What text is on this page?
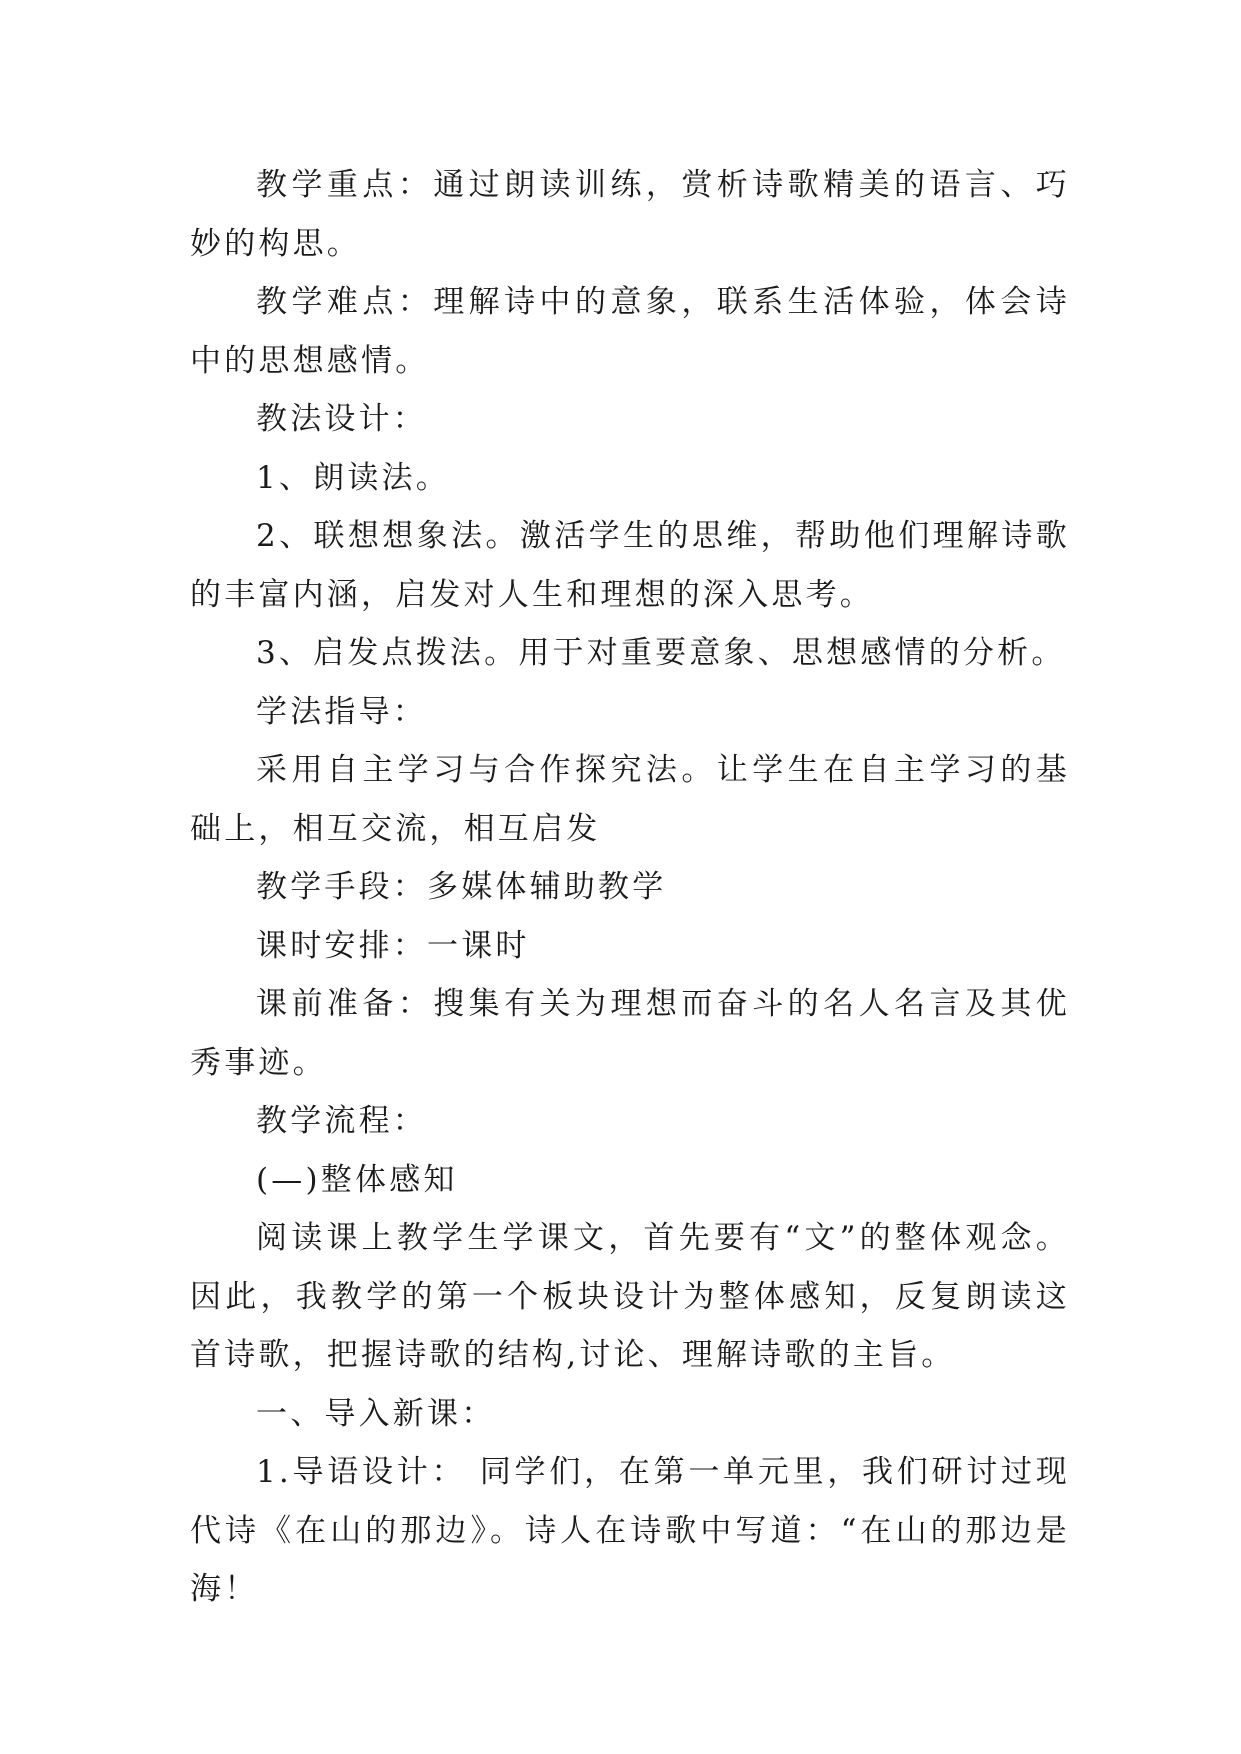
教学重点：通过朗读训练，赏析诗歌精美的语言、巧妙的构思。

教学难点：理解诗中的意象，联系生活体验，体会诗中的思想感情。

教法设计：

1、朗读法。

2、联想想象法。激活学生的思维，帮助他们理解诗歌的丰富内涵，启发对人生和理想的深入思考。

3、启发点拨法。用于对重要意象、思想感情的分析。

学法指导：

采用自主学习与合作探究法。让学生在自主学习的基础上，相互交流，相互启发

教学手段：多媒体辅助教学

课时安排：一课时

课前准备：搜集有关为理想而奋斗的名人名言及其优秀事迹。

教学流程：

(—)整体感知

阅读课上教学生学课文，首先要有“文”的整体观念。因此，我教学的第一个板块设计为整体感知，反复朗读这首诗歌，把握诗歌的结构,讨论、理解诗歌的主旨。

一、导入新课：

1.导语设计： 同学们，在第一单元里，我们研讨过现代诗《在山的那边》。诗人在诗歌中写道：“在山的那边是海！
